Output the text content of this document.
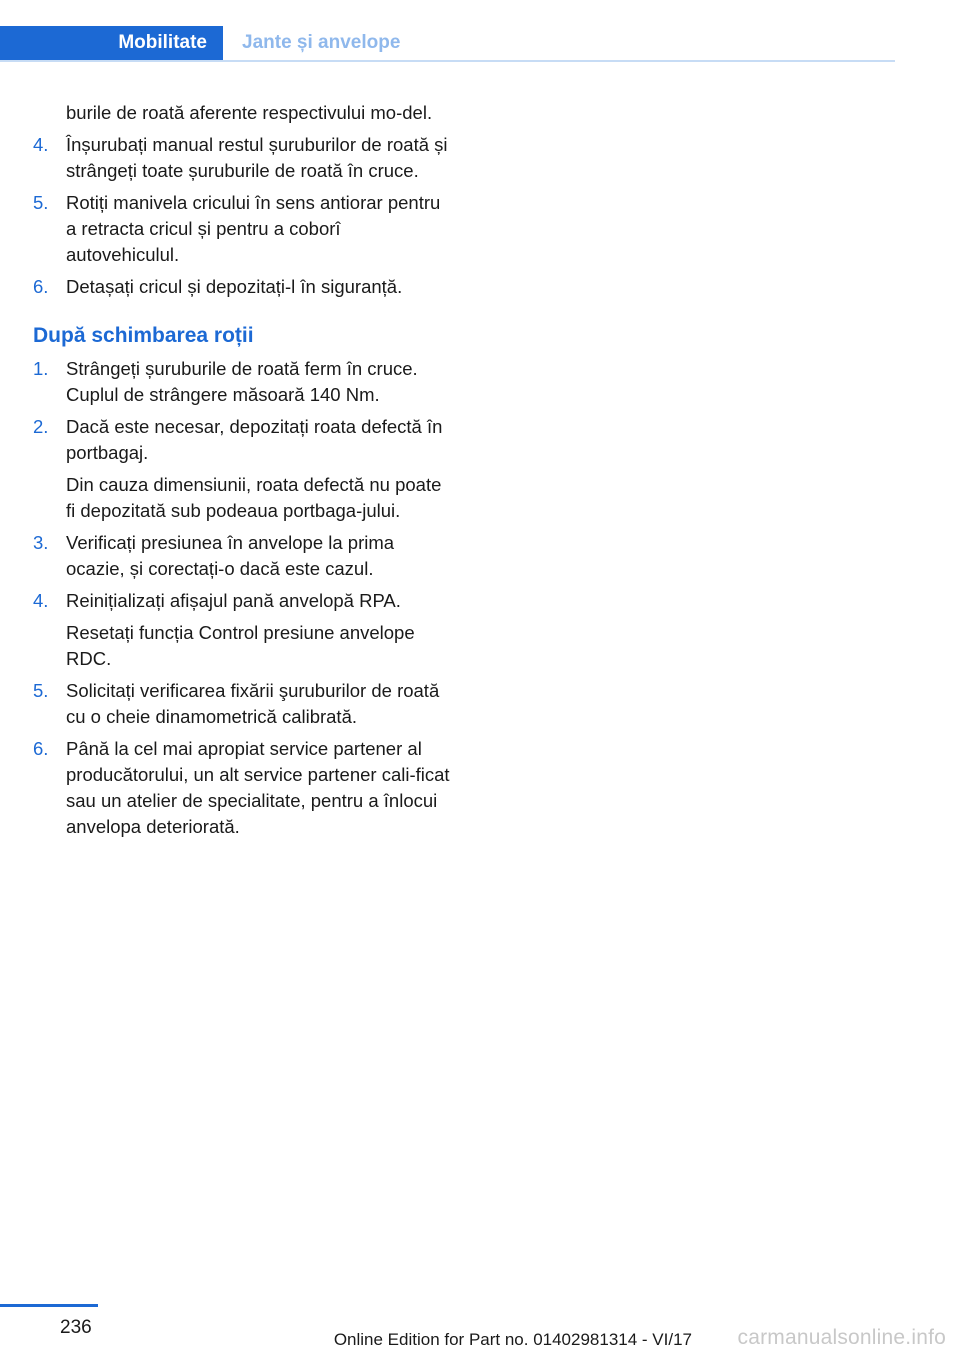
Mobilitate	Jante și anvelope
burile de roată aferente respectivului mo‐del.
4. Înșurubați manual restul șuruburilor de roată și strângeți toate șuruburile de roată în cruce.
5. Rotiți manivela cricului în sens antiorar pentru a retracta cricul și pentru a coborî autovehiculul.
6. Detașați cricul și depozitați-l în siguranță.
După schimbarea roții
1. Strângeți șuruburile de roată ferm în cruce. Cuplul de strângere măsoară 140 Nm.
2. Dacă este necesar, depozitați roata defectă în portbagaj.
Din cauza dimensiunii, roata defectă nu poate fi depozitată sub podeaua portbaga‐jului.
3. Verificați presiunea în anvelope la prima ocazie, și corectați-o dacă este cazul.
4. Reinițializați afișajul pană anvelopă RPA.
Resetați funcția Control presiune anvelope RDC.
5. Solicitați verificarea fixării şuruburilor de roată cu o cheie dinamometrică calibrată.
6. Până la cel mai apropiat service partener al producătorului, un alt service partener cali‐ficat sau un atelier de specialitate, pentru a înlocui anvelopa deteriorată.
236
Online Edition for Part no. 01402981314 - VI/17 carmanualsonline.info
